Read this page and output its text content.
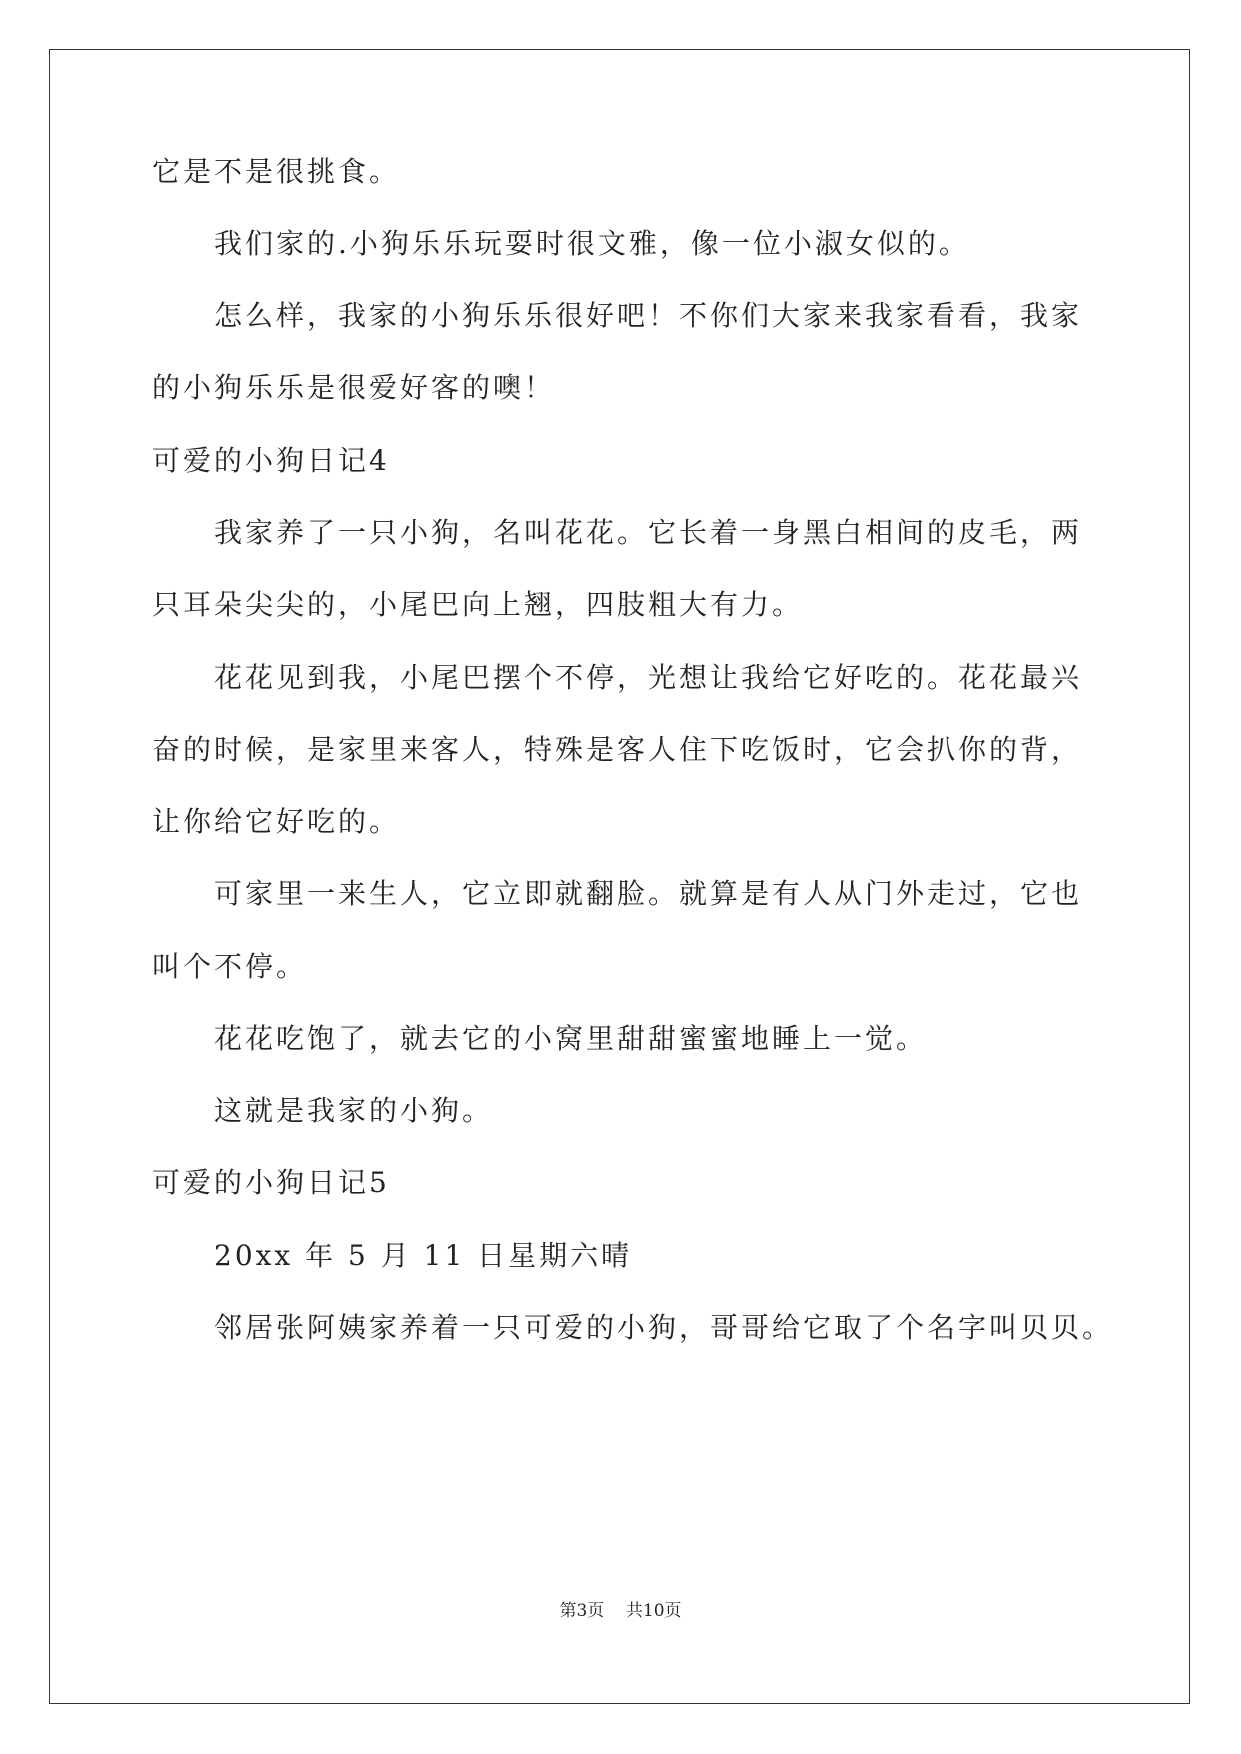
它是不是很挑食。
我们家的.小狗乐乐玩耍时很文雅，像一位小淑女似的。
怎么样，我家的小狗乐乐很好吧！不你们大家来我家看看，我家
的小狗乐乐是很爱好客的噢！
可爱的小狗日记4
我家养了一只小狗，名叫花花。它长着一身黑白相间的皮毛，两
只耳朵尖尖的，小尾巴向上翘，四肢粗大有力。
花花见到我，小尾巴摆个不停，光想让我给它好吃的。花花最兴
奋的时候，是家里来客人，特殊是客人住下吃饭时，它会扒你的背，
让你给它好吃的。
可家里一来生人，它立即就翻脸。就算是有人从门外走过，它也
叫个不停。
花花吃饱了，就去它的小窝里甜甜蜜蜜地睡上一觉。
这就是我家的小狗。
可爱的小狗日记5
20xx 年 5 月 11 日星期六晴
邻居张阿姨家养着一只可爱的小狗，哥哥给它取了个名字叫贝贝。
第3页    共10页
